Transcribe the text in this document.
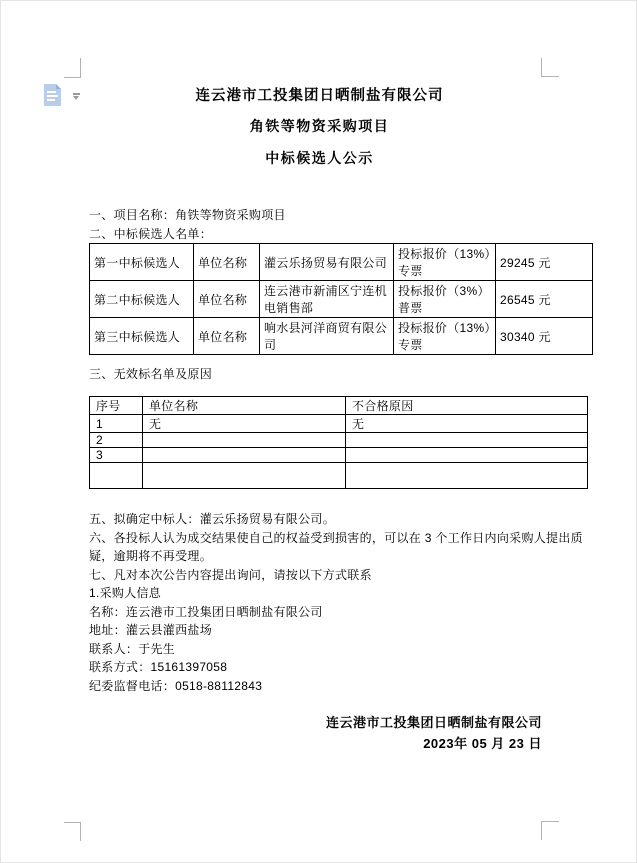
连云港市工投集团日晒制盐有限公司
角铁等物资采购项目
中标候选人公示
一、项目名称：角铁等物资采购项目
二、中标候选人名单：
第一中标候选人	单位名称	灌云乐扬贸易有限公司	投标报价（13%）专票	29245 元
第二中标候选人	单位名称	连云港市新浦区宁连机电销售部	投标报价（3%）普票	26545 元
第三中标候选人	单位名称	响水县河洋商贸有限公司	投标报价（13%）专票	30340 元
三、无效标名单及原因
序号	单位名称	不合格原因
1	无	无
2		
3		

五、拟确定中标人：灌云乐扬贸易有限公司。
六、各投标人认为成交结果使自己的权益受到损害的，可以在 3 个工作日内向采购人提出质
疑，逾期将不再受理。
七、凡对本次公告内容提出询问，请按以下方式联系
1.采购人信息
名称：连云港市工投集团日晒制盐有限公司
地址：灌云县灌西盐场
联系人：于先生
联系方式：15161397058
纪委监督电话：0518-88112843
连云港市工投集团日晒制盐有限公司
2023年 05 月 23 日
